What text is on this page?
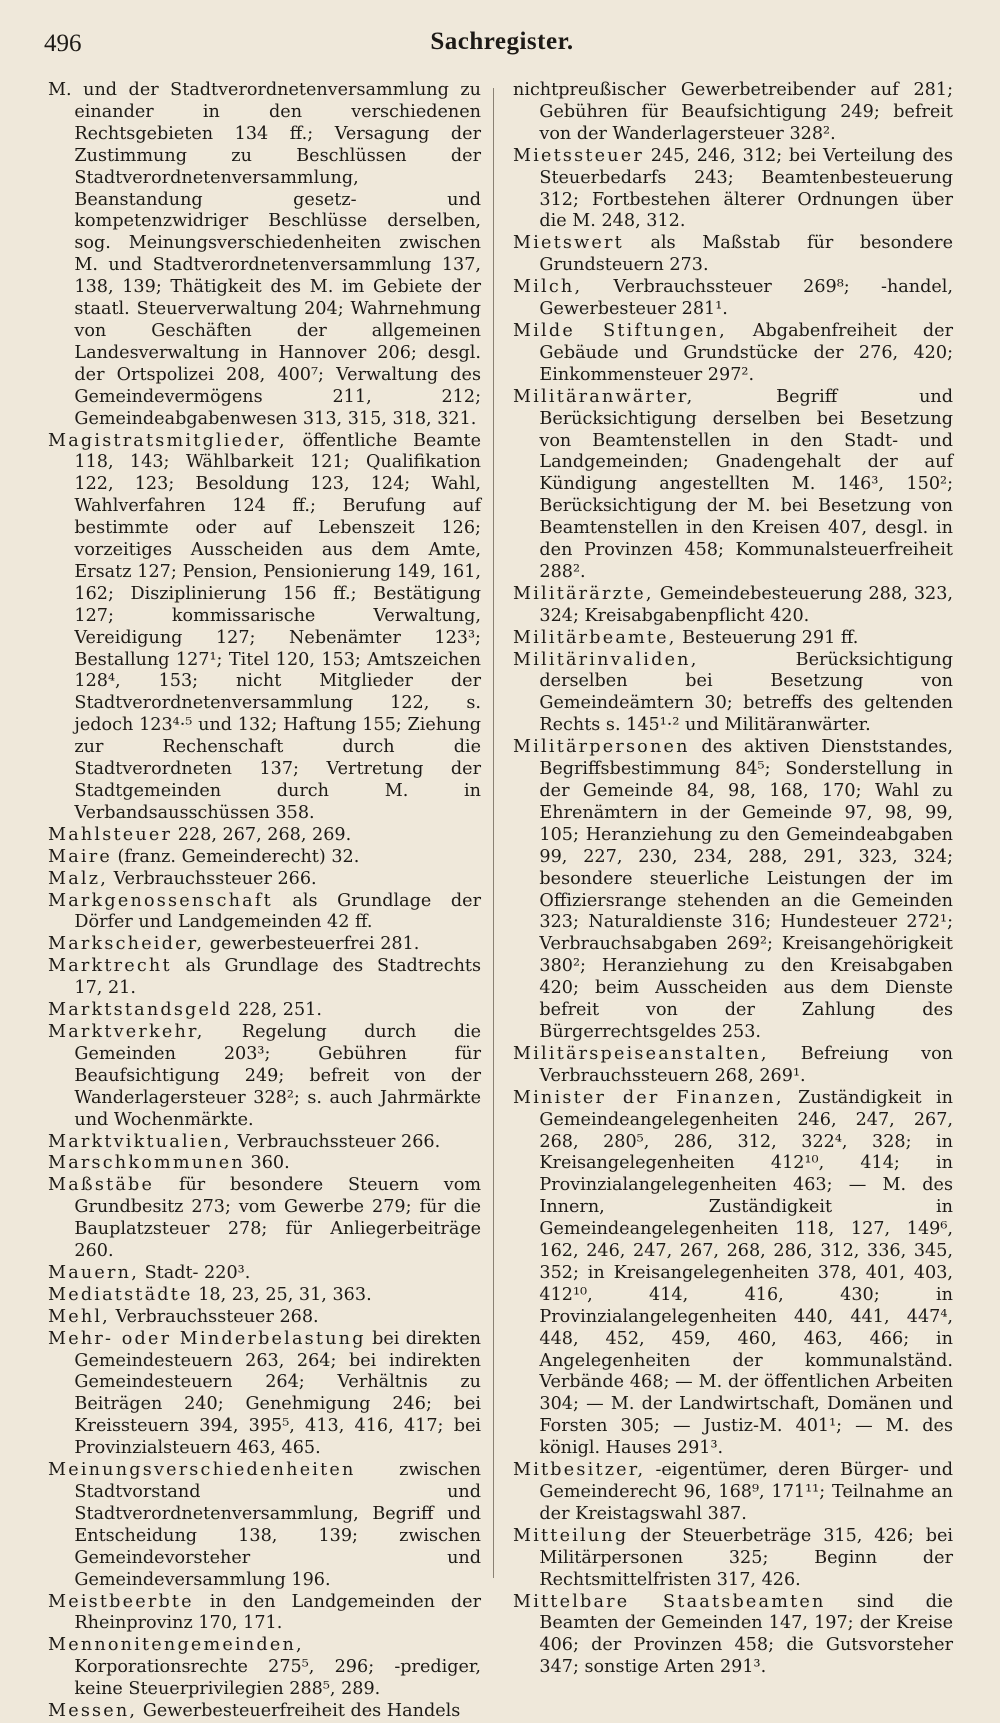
496	Sachregister.

M. und der Stadtverordnetenversammlung zu einander in den verschiedenen Rechtsgebieten 134 ff.; Versagung der Zustimmung zu Beschlüssen der Stadtverordnetenversammlung, Beanstandung gesetz- und kompetenzwidriger Beschlüsse derselben, sog. Meinungsverschiedenheiten zwischen M. und Stadtverordnetenversammlung 137, 138, 139; Thätigkeit des M. im Gebiete der staatl. Steuerverwaltung 204; Wahrnehmung von Geschäften der allgemeinen Landesverwaltung in Hannover 206; desgl. der Ortspolizei 208, 400⁷; Verwaltung des Gemeindevermögens 211, 212; Gemeindeabgabenwesen 313, 315, 318, 321.

Magistratsmitglieder, öffentliche Beamte 118, 143; Wählbarkeit 121; Qualifikation 122, 123; Besoldung 123, 124; Wahl, Wahlverfahren 124 ff.; Berufung auf bestimmte oder auf Lebenszeit 126; vorzeitiges Ausscheiden aus dem Amte, Ersatz 127; Pension, Pensionierung 149, 161, 162; Disziplinierung 156 ff.; Bestätigung 127; kommissarische Verwaltung, Vereidigung 127; Nebenämter 123³; Bestallung 127¹; Titel 120, 153; Amtszeichen 128⁴, 153; nicht Mitglieder der Stadtverordnetenversammlung 122, s. jedoch 123⁴·⁵ und 132; Haftung 155; Ziehung zur Rechenschaft durch die Stadtverordneten 137; Vertretung der Stadtgemeinden durch M. in Verbandsausschüssen 358.

Mahlsteuer 228, 267, 268, 269.

Maire (franz. Gemeinderecht) 32.

Malz, Verbrauchssteuer 266.

Markgenossenschaft als Grundlage der Dörfer und Landgemeinden 42 ff.

Markscheider, gewerbesteuerfrei 281.

Marktrecht als Grundlage des Stadtrechts 17, 21.

Marktstandsgeld 228, 251.

Marktverkehr, Regelung durch die Gemeinden 203³; Gebühren für Beaufsichtigung 249; befreit von der Wanderlagersteuer 328²; s. auch Jahrmärkte und Wochenmärkte.

Marktviktualien, Verbrauchssteuer 266.

Marschkommunen 360.

Maßstäbe für besondere Steuern vom Grundbesitz 273; vom Gewerbe 279; für die Bauplatzsteuer 278; für Anliegerbeiträge 260.

Mauern, Stadt- 220³.

Mediatstädte 18, 23, 25, 31, 363.

Mehl, Verbrauchssteuer 268.

Mehr- oder Minderbelastung bei direkten Gemeindesteuern 263, 264; bei indirekten Gemeindesteuern 264; Verhältnis zu Beiträgen 240; Genehmigung 246; bei Kreissteuern 394, 395⁵, 413, 416, 417; bei Provinzialsteuern 463, 465.

Meinungsverschiedenheiten zwischen Stadtvorstand und Stadtverordnetenversammlung, Begriff und Entscheidung 138, 139; zwischen Gemeindevorsteher und Gemeindeversammlung 196.

Meistbeerbte in den Landgemeinden der Rheinprovinz 170, 171.

Mennonitengemeinden, Korporationsrechte 275⁵, 296; -prediger, keine Steuerprivilegien 288⁵, 289.

Messen, Gewerbesteuerfreiheit des Handels

nichtpreußischer Gewerbetreibender auf 281; Gebühren für Beaufsichtigung 249; befreit von der Wanderlagersteuer 328².

Mietssteuer 245, 246, 312; bei Verteilung des Steuerbedarfs 243; Beamtenbesteuerung 312; Fortbestehen älterer Ordnungen über die M. 248, 312.

Mietswert als Maßstab für besondere Grundsteuern 273.

Milch, Verbrauchssteuer 269⁸; -handel, Gewerbesteuer 281¹.

Milde Stiftungen, Abgabenfreiheit der Gebäude und Grundstücke der 276, 420; Einkommensteuer 297².

Militäranwärter, Begriff und Berücksichtigung derselben bei Besetzung von Beamtenstellen in den Stadt- und Landgemeinden; Gnadengehalt der auf Kündigung angestellten M. 146³, 150²; Berücksichtigung der M. bei Besetzung von Beamtenstellen in den Kreisen 407, desgl. in den Provinzen 458; Kommunalsteuerfreiheit 288².

Militärärzte, Gemeindebesteuerung 288, 323, 324; Kreisabgabenpflicht 420.

Militärbeamte, Besteuerung 291 ff.

Militärinvaliden, Berücksichtigung derselben bei Besetzung von Gemeindeämtern 30; betreffs des geltenden Rechts s. 145¹·² und Militäranwärter.

Militärpersonen des aktiven Dienststandes, Begriffsbestimmung 84⁵; Sonderstellung in der Gemeinde 84, 98, 168, 170; Wahl zu Ehrenämtern in der Gemeinde 97, 98, 99, 105; Heranziehung zu den Gemeindeabgaben 99, 227, 230, 234, 288, 291, 323, 324; besondere steuerliche Leistungen der im Offiziersrange stehenden an die Gemeinden 323; Naturaldienste 316; Hundesteuer 272¹; Verbrauchsabgaben 269²; Kreisangehörigkeit 380²; Heranziehung zu den Kreisabgaben 420; beim Ausscheiden aus dem Dienste befreit von der Zahlung des Bürgerrechtsgeldes 253.

Militärspeiseanstalten, Befreiung von Verbrauchssteuern 268, 269¹.

Minister der Finanzen, Zuständigkeit in Gemeindeangelegenheiten 246, 247, 267, 268, 280⁵, 286, 312, 322⁴, 328; in Kreisangelegenheiten 412¹⁰, 414; in Provinzialangelegenheiten 463; — M. des Innern, Zuständigkeit in Gemeindeangelegenheiten 118, 127, 149⁶, 162, 246, 247, 267, 268, 286, 312, 336, 345, 352; in Kreisangelegenheiten 378, 401, 403, 412¹⁰, 414, 416, 430; in Provinzialangelegenheiten 440, 441, 447⁴, 448, 452, 459, 460, 463, 466; in Angelegenheiten der kommunalständ. Verbände 468; — M. der öffentlichen Arbeiten 304; — M. der Landwirtschaft, Domänen und Forsten 305; — Justiz-M. 401¹; — M. des königl. Hauses 291³.

Mitbesitzer, -eigentümer, deren Bürger- und Gemeinderecht 96, 168⁹, 171¹¹; Teilnahme an der Kreistagswahl 387.

Mitteilung der Steuerbeträge 315, 426; bei Militärpersonen 325; Beginn der Rechtsmittelfristen 317, 426.

Mittelbare Staatsbeamten sind die Beamten der Gemeinden 147, 197; der Kreise 406; der Provinzen 458; die Gutsvorsteher 347; sonstige Arten 291³.
